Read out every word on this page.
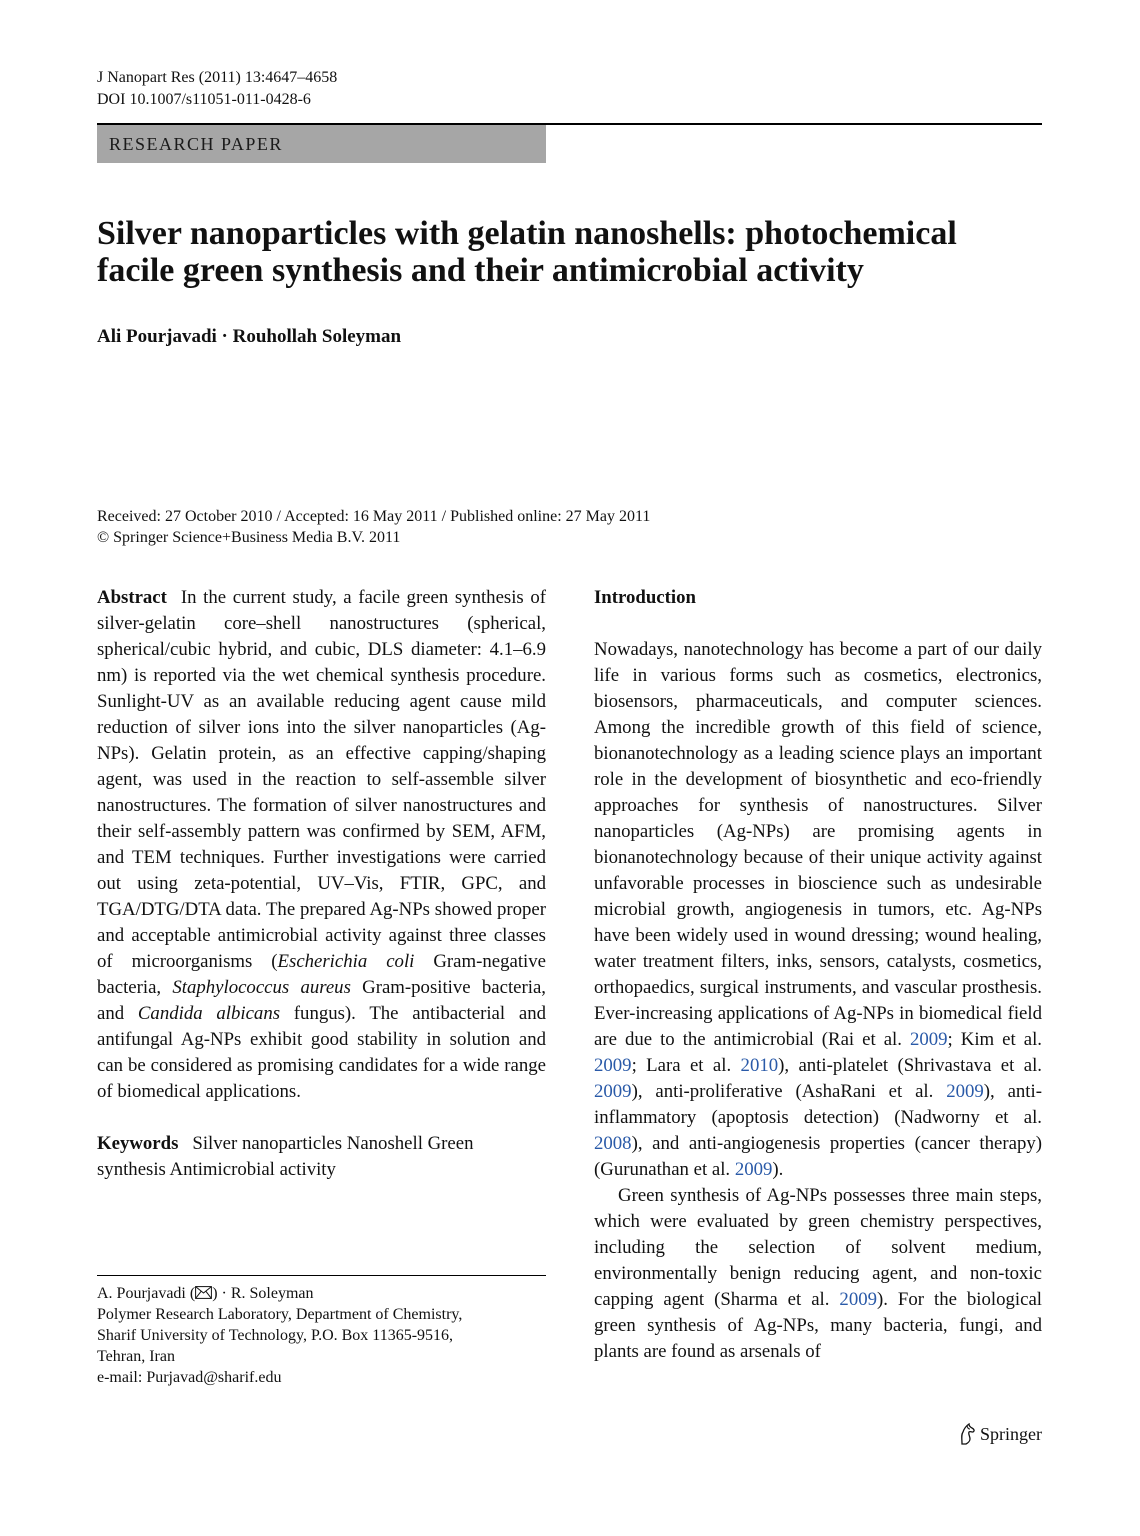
J Nanopart Res (2011) 13:4647–4658
DOI 10.1007/s11051-011-0428-6
RESEARCH PAPER
Silver nanoparticles with gelatin nanoshells: photochemical
facile green synthesis and their antimicrobial activity
Ali Pourjavadi · Rouhollah Soleyman
Received: 27 October 2010 / Accepted: 16 May 2011 / Published online: 27 May 2011
© Springer Science+Business Media B.V. 2011

Abstract In the current study, a facile green synthesis of silver-gelatin core–shell nanostructures (spherical, spherical/cubic hybrid, and cubic, DLS diameter: 4.1–6.9 nm) is reported via the wet chemical synthesis procedure. Sunlight-UV as an available reducing agent cause mild reduction of silver ions into the silver nanoparticles (Ag-NPs). Gelatin protein, as an effective capping/shaping agent, was used in the reaction to self-assemble silver nanostructures. The formation of silver nanostructures and their self-assembly pattern was confirmed by SEM, AFM, and TEM techniques. Further investigations were carried out using zeta-potential, UV–Vis, FTIR, GPC, and TGA/DTG/DTA data. The prepared Ag-NPs showed proper and acceptable antimicrobial activity against three classes of microorganisms (Escherichia coli Gram-negative bacteria, Staphylococcus aureus Gram-positive bacteria, and Candida albicans fungus). The antibacterial and antifungal Ag-NPs exhibit good stability in solution and can be considered as promising candidates for a wide range of biomedical applications.

Keywords Silver nanoparticles Nanoshell Green synthesis Antimicrobial activity

A. Pourjavadi ( ) · R. Soleyman
Polymer Research Laboratory, Department of Chemistry,
Sharif University of Technology, P.O. Box 11365-9516,
Tehran, Iran
e-mail: Purjavad@sharif.edu
Introduction

Nowadays, nanotechnology has become a part of our daily life in various forms such as cosmetics, electronics, biosensors, pharmaceuticals, and computer sciences. Among the incredible growth of this field of science, bionanotechnology as a leading science plays an important role in the development of biosynthetic and eco-friendly approaches for synthesis of nanostructures. Silver nanoparticles (Ag-NPs) are promising agents in bionanotechnology because of their unique activity against unfavorable processes in bioscience such as undesirable microbial growth, angiogenesis in tumors, etc. Ag-NPs have been widely used in wound dressing; wound healing, water treatment filters, inks, sensors, catalysts, cosmetics, orthopaedics, surgical instruments, and vascular prosthesis. Ever-increasing applications of Ag-NPs in biomedical field are due to the antimicrobial (Rai et al. 2009; Kim et al. 2009; Lara et al. 2010), anti-platelet (Shrivastava et al. 2009), anti-proliferative (AshaRani et al. 2009), anti-inflammatory (apoptosis detection) (Nadworny et al. 2008), and anti-angiogenesis properties (cancer therapy) (Gurunathan et al. 2009).

Green synthesis of Ag-NPs possesses three main steps, which were evaluated by green chemistry perspectives, including the selection of solvent medium, environmentally benign reducing agent, and non-toxic capping agent (Sharma et al. 2009). For the biological green synthesis of Ag-NPs, many bacteria, fungi, and plants are found as arsenals of

Springer
